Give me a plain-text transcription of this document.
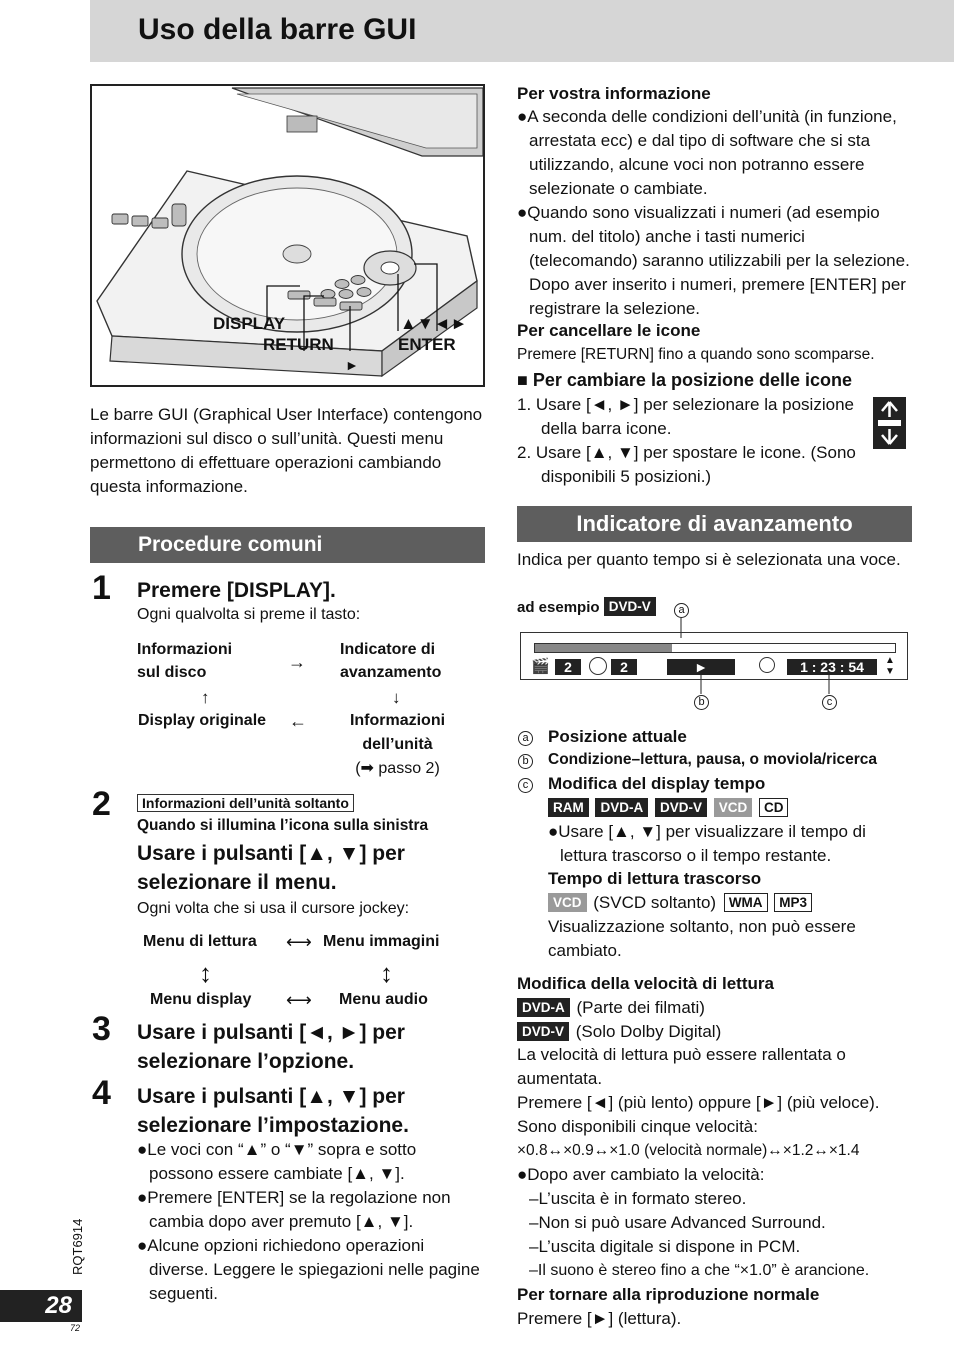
Uso della barre GUI
DISPLAY
RETURN
▲▼◄►
ENTER
►
Le barre GUI (Graphical User Interface) contengono informazioni sul disco o sull’unità. Questi menu permettono di effettuare operazioni cambiando questa informazione.
Procedure comuni
1 Premere [DISPLAY].
Ogni qualvolta si preme il tasto:
Informazioni
sul disco
→
Indicatore di
avanzamento
↑	↓
Display originale ←	Informazioni
dell’unità
(➡ passo 2)
2	Informazioni dell’unità soltanto
Quando si illumina l’icona sulla sinistra
Usare i pulsanti [▲, ▼] per
selezionare il menu.
Ogni volta che si usa il cursore jockey:
Menu di lettura ⟷ Menu immagini
↕	↕
Menu display ⟷ Menu audio
3 Usare i pulsanti [◄, ►] per
selezionare l’opzione.
4 Usare i pulsanti [▲, ▼] per
selezionare l’impostazione.
●Le voci con “▲” o “▼” sopra e sotto possono essere cambiate [▲, ▼].
●Premere [ENTER] se la regolazione non cambia dopo aver premuto [▲, ▼].
●Alcune opzioni richiedono operazioni diverse. Leggere le spiegazioni nelle pagine seguenti.
Per vostra informazione
●A seconda delle condizioni dell’unità (in funzione, arrestata ecc) e dal tipo di software che si sta utilizzando, alcune voci non potranno essere selezionate o cambiate.
●Quando sono visualizzati i numeri (ad esempio num. del titolo) anche i tasti numerici (telecomando) saranno utilizzabili per la selezione. Dopo aver inserito i numeri, premere [ENTER] per registrare la selezione.
Per cancellare le icone
Premere [RETURN] fino a quando sono scomparse.
■ Per cambiare la posizione delle icone
1. Usare [◄, ►] per selezionare la posizione della barra icone.
2. Usare [▲, ▼] per spostare le icone. (Sono disponibili 5 posizioni.)
Indicatore di avanzamento
Indica per quanto tempo si è selezionata una voce.
ad esempio DVD-V	a
🎬	2	2	►	1 : 23 : 54	▲
▼
b	c
a Posizione attuale
b Condizione–lettura, pausa, o moviola/ricerca
c Modifica del display tempo
RAM DVD-A DVD-V VCD CD
●Usare [▲, ▼] per visualizzare il tempo di lettura trascorso o il tempo restante.
Tempo di lettura trascorso
VCD (SVCD soltanto) WMA MP3
Visualizzazione soltanto, non può essere cambiato.
Modifica della velocità di lettura
DVD-A (Parte dei filmati)
DVD-V (Solo Dolby Digital)
La velocità di lettura può essere rallentata o aumentata.
Premere [◄] (più lento) oppure [►] (più veloce).
Sono disponibili cinque velocità:
×0.8↔×0.9↔×1.0 (velocità normale)↔×1.2↔×1.4
●Dopo aver cambiato la velocità:
–L’uscita è in formato stereo.
–Non si può usare Advanced Surround.
–L’uscita digitale si dispone in PCM.
–Il suono è stereo fino a che “×1.0” è arancione.
Per tornare alla riproduzione normale
Premere [►] (lettura).
RQT6914
28
72
